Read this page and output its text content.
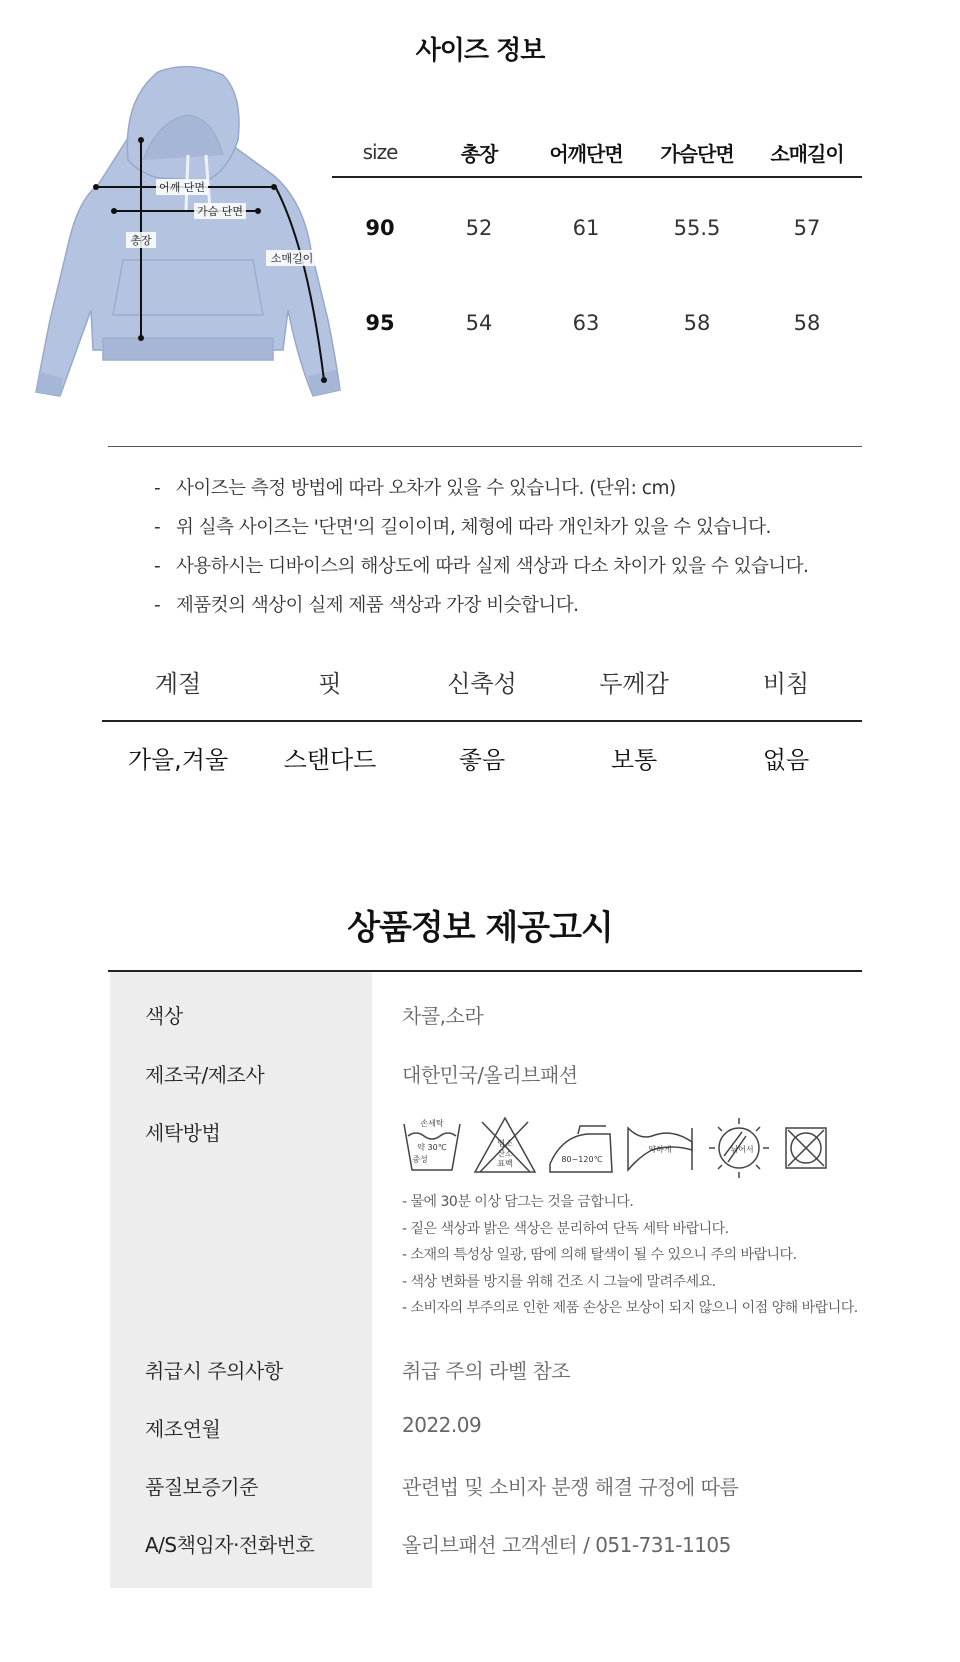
사이즈 정보
어깨 단면
가슴 단면
총장
소매길이
size	총장	어깨단면	가슴단면	소매길이
90	52	61	55.5	57
95	54	63	58	58
- 사이즈는 측정 방법에 따라 오차가 있을 수 있습니다. (단위: cm)
- 위 실측 사이즈는 '단면'의 길이이며, 체형에 따라 개인차가 있을 수 있습니다.
- 사용하시는 디바이스의 해상도에 따라 실제 색상과 다소 차이가 있을 수 있습니다.
- 제품컷의 색상이 실제 제품 색상과 가장 비슷합니다.
계절	핏	신축성	두께감	비침
가을,겨울	스탠다드	좋음	보통	없음
상품정보 제공고시
색상	차콜,소라
제조국/제조사	대한민국/올리브패션
세탁방법	손세탁
약 30℃
중성
염소
산소
표백	80~120℃
약하게	뉘어서
- 물에 30분 이상 담그는 것을 금합니다.
- 짙은 색상과 밝은 색상은 분리하여 단독 세탁 바랍니다.
- 소재의 특성상 일광, 땀에 의해 탈색이 될 수 있으니 주의 바랍니다.
- 색상 변화를 방지를 위해 건조 시 그늘에 말려주세요.
- 소비자의 부주의로 인한 제품 손상은 보상이 되지 않으니 이점 양해 바랍니다.
취급시 주의사항	취급 주의 라벨 참조
제조연월	2022.09
품질보증기준	관련법 및 소비자 분쟁 해결 규정에 따름
A/S책임자·전화번호	올리브패션 고객센터 / 051-731-1105
